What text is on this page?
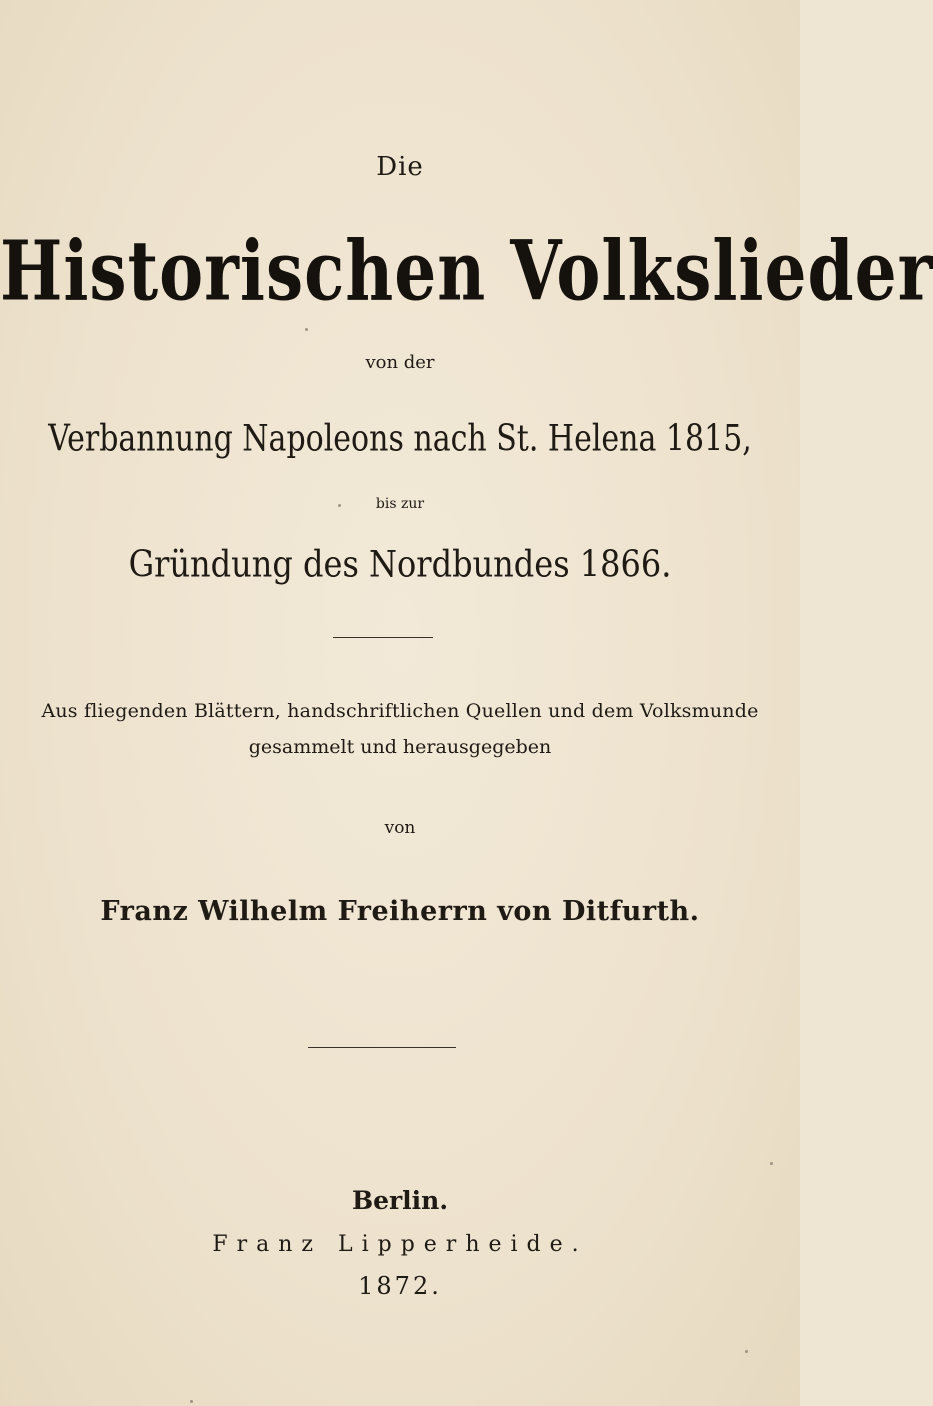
Die
Historischen Volkslieder
von der
Verbannung Napoleons nach St. Helena 1815,
bis zur
Gründung des Nordbundes 1866.
Aus fliegenden Blättern, handschriftlichen Quellen und dem Volksmunde
gesammelt und herausgegeben
von
Franz Wilhelm Freiherrn von Ditfurth.
Berlin.
Franz Lipperheide.
1872.
